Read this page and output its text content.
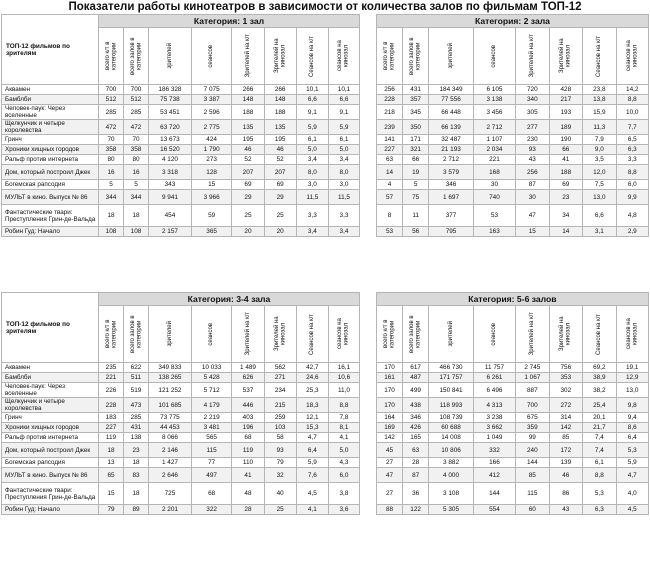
Показатели работы кинотеатров в зависимости от количества залов по фильмам ТОП-12
ТОП-12 фильмов по зрителям	Категория: 1 зал							

	всего к/т в категории	всего залов в категории	зрителей	сеансов	Зрителей на к/т	Зрителей на кинозал	Сеансов на к/т	сеансов на кинозал

Аквамен	700	700	186 328	7 075	266	266	10,1	10,1
Бамблби	512	512	75 738	3 387	148	148	6,6	6,6
Человек-паук: Через вселенные	285	285	53 451	2 596	188	188	9,1	9,1
Щелкунчик и четыре королевства	472	472	63 720	2 775	135	135	5,9	5,9
Гринч	70	70	13 673	424	195	195	6,1	6,1
Хроники хищных городов	358	358	16 520	1 790	46	46	5,0	5,0
Ральф против интернета	80	80	4 120	273	52	52	3,4	3,4
Дом, который построил Джек	16	16	3 318	128	207	207	8,0	8,0
Богемская рапсодия	5	5	343	15	69	69	3,0	3,0
МУЛЬТ в кино. Выпуск № 86	344	344	9 941	3 966	29	29	11,5	11,5
Фантастические твари: Преступления Грин-де-Вальда	18	18	454	59	25	25	3,3	3,3
Робин Гуд: Начало	108	108	2 157	365	20	20	3,4	3,4
Категория: 2 зала							

всего к/т в категории	всего залов в категории	зрителей	сеансов	Зрителей на к/т	Зрителей на кинозал	Сеансов на к/т	сеансов на кинозал

256	431	184 349	6 105	720	428	23,8	14,2
228	357	77 556	3 138	340	217	13,8	8,8
218	345	66 448	3 456	305	193	15,9	10,0
239	350	66 139	2 712	277	189	11,3	7,7
141	171	32 487	1 107	230	190	7,9	6,5
227	321	21 193	2 034	93	66	9,0	6,3
63	66	2 712	221	43	41	3,5	3,3
14	19	3 579	168	256	188	12,0	8,8
4	5	346	30	87	69	7,5	6,0
57	75	1 697	740	30	23	13,0	9,9
8	11	377	53	47	34	6,6	4,8
53	56	795	163	15	14	3,1	2,9
ТОП-12 фильмов по зрителям	Категория: 3-4 зала							

	всего к/т в категории	всего залов в категории	зрителей	сеансов	Зрителей на к/т	Зрителей на кинозал	Сеансов на к/т	сеансов на кинозал

Аквамен	235	622	349 833	10 033	1 489	562	42,7	16,1
Бамблби	221	511	138 265	5 428	626	271	24,6	10,6
Человек-паук: Через вселенные	226	519	121 252	5 712	537	234	25,3	11,0
Щелкунчик и четыре королевства	228	473	101 685	4 179	446	215	18,3	8,8
Гринч	183	285	73 775	2 219	403	259	12,1	7,8
Хроники хищных городов	227	431	44 453	3 481	196	103	15,3	8,1
Ральф против интернета	119	138	8 066	565	68	58	4,7	4,1
Дом, который построил Джек	18	23	2 146	115	119	93	6,4	5,0
Богемская рапсодия	13	18	1 427	77	110	79	5,9	4,3
МУЛЬТ в кино. Выпуск № 86	65	83	2 646	497	41	32	7,6	6,0
Фантастические твари: Преступления Грин-де-Вальда	15	18	725	68	48	40	4,5	3,8
Робин Гуд: Начало	79	89	2 201	322	28	25	4,1	3,6
Категория: 5-6 залов							

всего к/т в категории	всего залов в категории	зрителей	сеансов	Зрителей на к/т	Зрителей на кинозал	Сеансов на к/т	сеансов на кинозал

170	617	466 730	11 757	2 745	756	69,2	19,1
161	487	171 757	6 261	1 067	353	38,9	12,9
170	499	150 841	6 496	887	302	38,2	13,0
170	438	118 993	4 313	700	272	25,4	9,8
164	346	108 739	3 238	675	314	20,1	9,4
169	426	60 688	3 662	359	142	21,7	8,6
142	165	14 008	1 049	99	85	7,4	6,4
45	63	10 806	332	240	172	7,4	5,3
27	28	3 882	166	144	139	6,1	5,9
47	87	4 000	412	85	46	8,8	4,7
27	36	3 108	144	115	86	5,3	4,0
88	122	5 305	554	60	43	6,3	4,5
